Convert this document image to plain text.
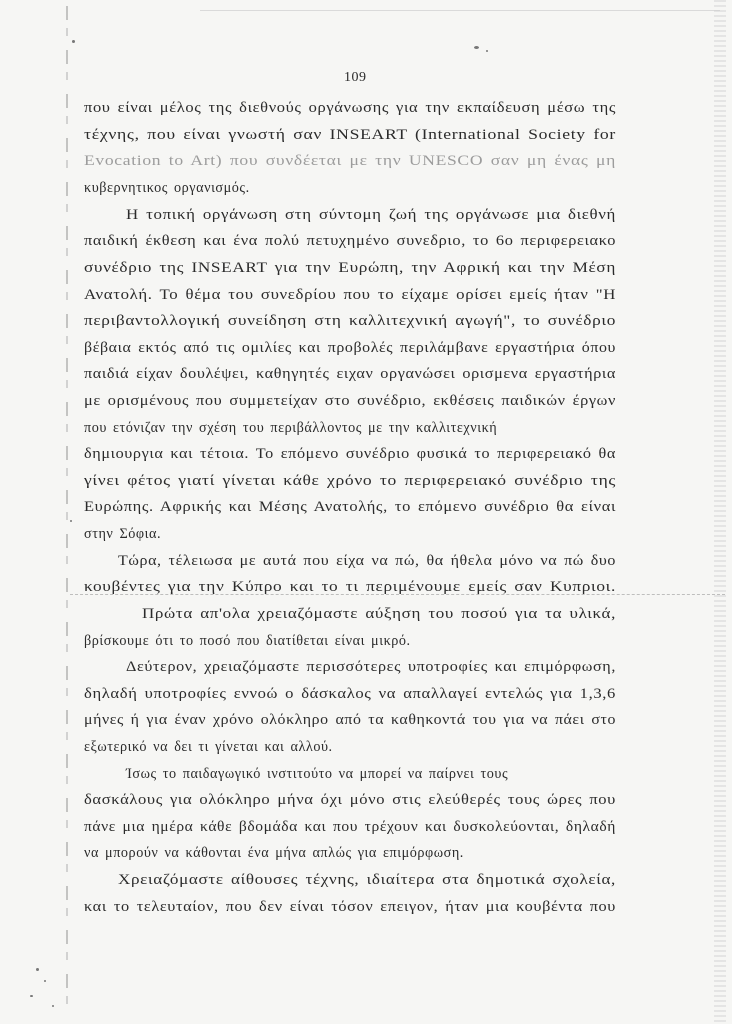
109
που είναι μέλος της διεθνούς οργάνωσης για την εκπαίδευση μέσω της
τέχνης, που είναι γνωστή σαν INSEART (International Society for
Evocation to Art) που συνδέεται με την UNESCO σαν μη ένας μη
κυβερνητικος οργανισμός.
Η τοπική οργάνωση στη σύντομη ζωή της οργάνωσε μια διεθνή
παιδική έκθεση και ένα πολύ πετυχημένο συνεδριο, το 6ο περιφερειακο
συνέδριο της INSEART για την Ευρώπη, την Αφρική και την Μέση
Ανατολή. Το θέμα του συνεδρίου που το είχαμε ορίσει εμείς ήταν "Η
περιβαντολλογική συνείδηση στη καλλιτεχνική αγωγή", το συνέδριο
βέβαια εκτός από τις ομιλίες και προβολές περιλάμβανε εργαστήρια όπου
παιδιά είχαν δουλέψει, καθηγητές ειχαν οργανώσει ορισμενα εργαστήρια
με ορισμένους που συμμετείχαν στο συνέδριο, εκθέσεις παιδικών έργων
που ετόνιζαν την σχέση του περιβάλλοντος με την καλλιτεχνική
δημιουργια και τέτοια. Το επόμενο συνέδριο φυσικά το περιφερειακό θα
γίνει φέτος γιατί γίνεται κάθε χρόνο το περιφερειακό συνέδριο της
Ευρώπης. Αφρικής και Μέσης Ανατολής, το επόμενο συνέδριο θα είναι
στην Σόφια.
Τώρα, τέλειωσα με αυτά που είχα να πώ, θα ήθελα μόνο να πώ δυο
κουβέντες για την Κύπρο και το τι περιμένουμε εμείς σαν Κυπριοι.
Πρώτα απ'ολα χρειαζόμαστε αύξηση του ποσού για τα υλικά,
βρίσκουμε ότι το ποσό που διατίθεται είναι μικρό.
Δεύτερον, χρειαζόμαστε περισσότερες υποτροφίες και επιμόρφωση,
δηλαδή υποτροφίες εννοώ ο δάσκαλος να απαλλαγεί εντελώς για 1,3,6
μήνες ή για έναν χρόνο ολόκληρο από τα καθηκοντά του για να πάει στο
εξωτερικό να δει τι γίνεται και αλλού.
Ίσως το παιδαγωγικό ινστιτούτο να μπορεί να παίρνει τους
δασκάλους για ολόκληρο μήνα όχι μόνο στις ελεύθερές τους ώρες που
πάνε μια ημέρα κάθε βδομάδα και που τρέχουν και δυσκολεύονται, δηλαδή
να μπορούν να κάθονται ένα μήνα απλώς για επιμόρφωση.
Χρειαζόμαστε αίθουσες τέχνης, ιδιαίτερα στα δημοτικά σχολεία,
και το τελευταίον, που δεν είναι τόσον επειγον, ήταν μια κουβέντα που
